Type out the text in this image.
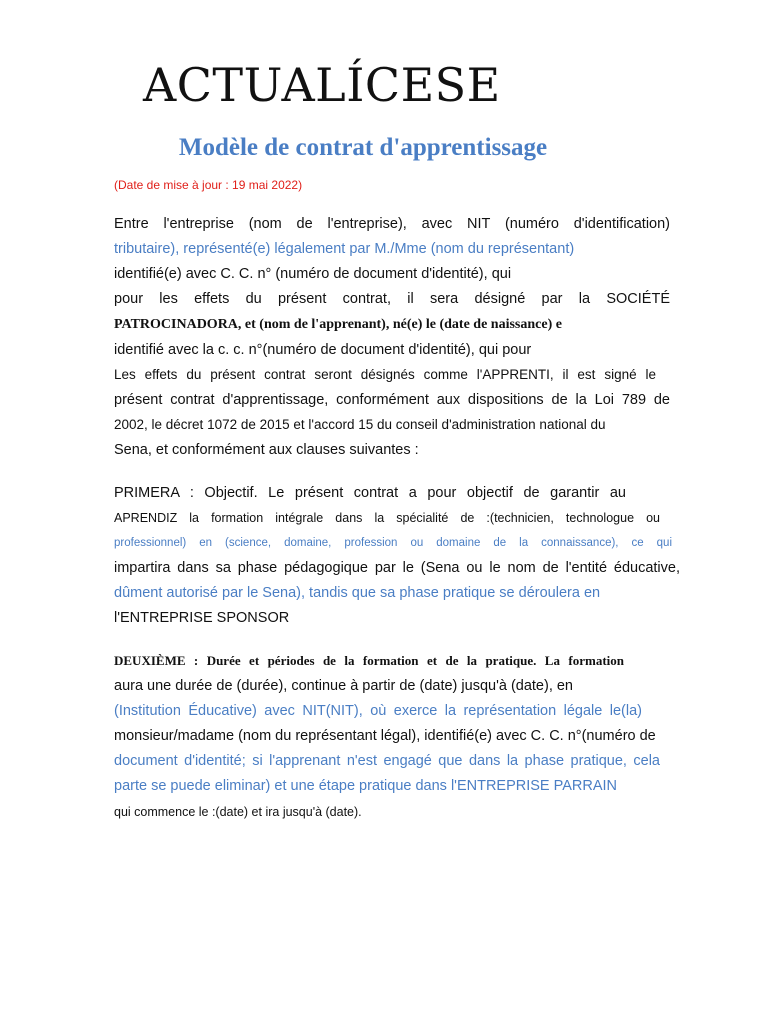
ACTUALÍCESE
Modèle de contrat d'apprentissage
(Date de mise à jour : 19 mai 2022)
Entre l'entreprise (nom de l'entreprise), avec NIT (numéro d'identification)
tributaire), représenté(e) légalement par M./Mme (nom du représentant)
identifié(e) avec C. C. n° (numéro de document d'identité), qui
pour les effets du présent contrat, il sera désigné par la SOCIÉTÉ
PATROCINADORA, et (nom de l'apprenant), né(e) le (date de naissance) e
identifié avec la c. c. n°(numéro de document d'identité), qui pour
Les effets du présent contrat seront désignés comme l'APPRENTI, il est signé le
présent contrat d'apprentissage, conformément aux dispositions de la Loi 789 de
2002, le décret 1072 de 2015 et l'accord 15 du conseil d'administration national du
Sena, et conformément aux clauses suivantes :
PRIMERA : Objectif. Le présent contrat a pour objectif de garantir au
APRENDIZ la formation intégrale dans la spécialité de :(technicien, technologue ou
professionnel) en (science, domaine, profession ou domaine de la connaissance), ce qui
impartira dans sa phase pédagogique par le (Sena ou le nom de l'entité éducative,
dûment autorisé par le Sena), tandis que sa phase pratique se déroulera en
l'ENTREPRISE SPONSOR
DEUXIÈME : Durée et périodes de la formation et de la pratique. La formation
aura une durée de (durée), continue à partir de (date) jusqu'à (date), en
(Institution Éducative) avec NIT(NIT), où exerce la représentation légale le(la)
monsieur/madame (nom du représentant légal), identifié(e) avec C. C. n°(numéro de
document d'identité; si l'apprenant n'est engagé que dans la phase pratique, cela
parte se puede eliminar) et une étape pratique dans l'ENTREPRISE PARRAIN
qui commence le :(date) et ira jusqu'à (date).
